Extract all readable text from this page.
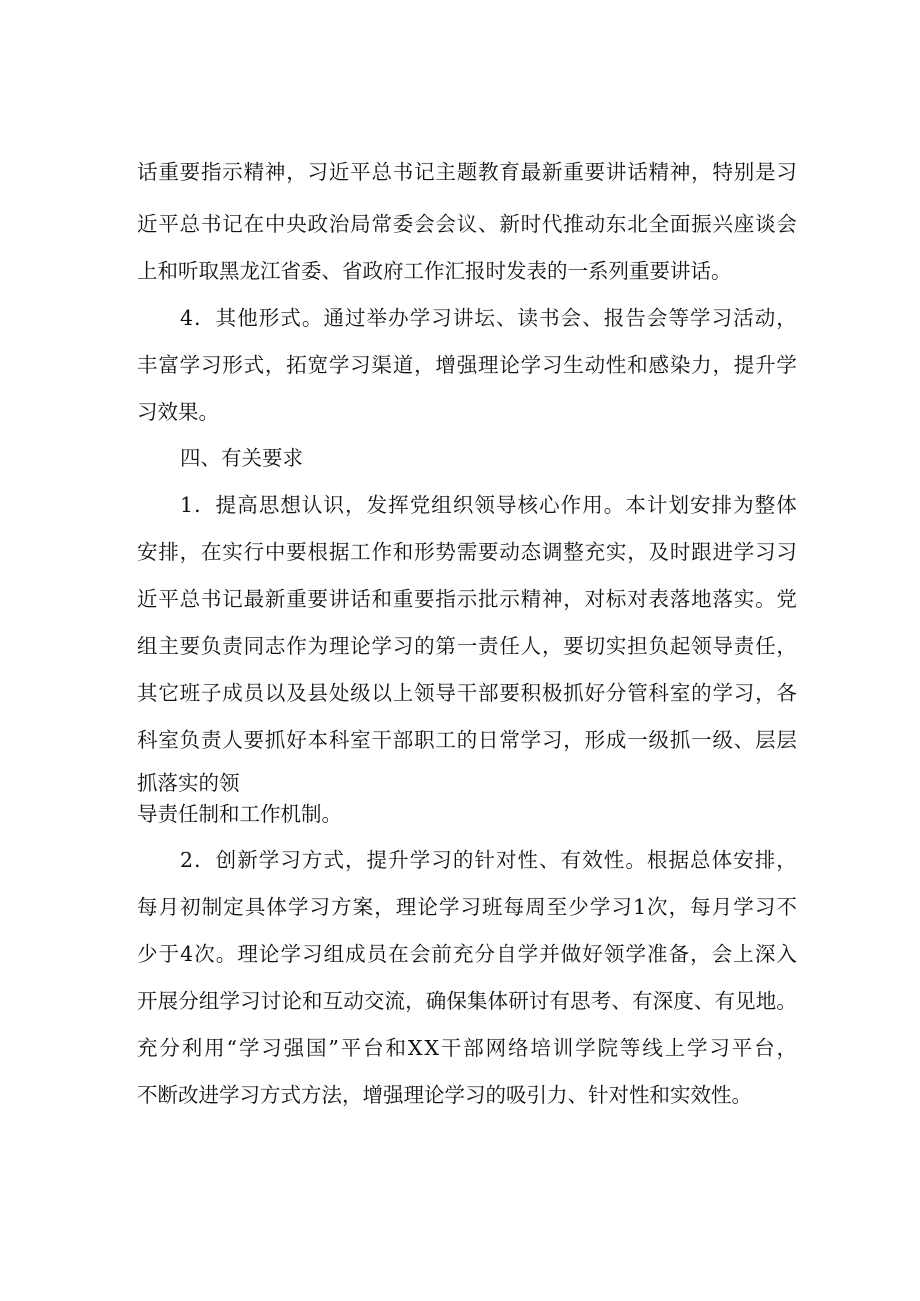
话 重 要 指 示 精 神 ， 习 近 平 总 书 记 主 题 教 育 最 新 重 要 讲 话 精 神 ， 特 别 是 习
近 平 总 书 记 在 中 央 政 治 局 常 委 会 会 议 、 新 时 代 推 动 东 北 全 面 振 兴 座 谈 会
上和听取黑龙江省委、省政府工作汇报时发表的一系列重要讲话。
4 ． 其 他 形 式 。 通 过 举 办 学 习 讲 坛 、 读 书 会 、 报 告 会 等 学 习 活 动 ，
丰 富 学 习 形 式 ， 拓 宽 学 习 渠 道 ， 增 强 理 论 学 习 生 动 性 和 感 染 力 ， 提 升 学
习效果。
四、有关要求
1 ． 提 高 思 想 认 识 ， 发 挥 党 组 织 领 导 核 心 作 用 。 本 计 划 安 排 为 整 体
安 排 ， 在 实 行 中 要 根 据 工 作 和 形 势 需 要 动 态 调 整 充 实 ， 及 时 跟 进 学 习 习
近 平 总 书 记 最 新 重 要 讲 话 和 重 要 指 示 批 示 精 神 ， 对 标 对 表 落 地 落 实 。 党
组 主 要 负 责 同 志 作 为 理 论 学 习 的 第 一 责 任 人 ， 要 切 实 担 负 起 领 导 责 任 ，
其 它 班 子 成 员 以 及 县 处 级 以 上 领 导 干 部 要 积 极 抓 好 分 管 科 室 的 学 习 ， 各
科 室 负 责 人 要 抓 好 本 科 室 干 部 职 工 的 日 常 学 习 ， 形 成 一 级 抓 一 级 、 层 层
抓落实的领
导责任制和工作机制。
2 ． 创 新 学 习 方 式 ， 提 升 学 习 的 针 对 性 、 有 效 性 。 根 据 总 体 安 排 ，
每 月 初 制 定 具 体 学 习 方 案 ， 理 论 学 习 班 每 周 至 少 学 习 1 次 ， 每 月 学 习 不
少 于 4 次 。 理 论 学 习 组 成 员 在 会 前 充 分 自 学 并 做 好 领 学 准 备 ， 会 上 深 入
开 展 分 组 学 习 讨 论 和 互 动 交 流 ， 确 保 集 体 研 讨 有 思 考 、 有 深 度 、 有 见 地 。
充 分 利 用 “ 学 习 强 国 ” 平 台 和 X X 干 部 网 络 培 训 学 院 等 线 上 学 习 平 台 ，
不断改进学习方式方法，增强理论学习的吸引力、针对性和实效性。
